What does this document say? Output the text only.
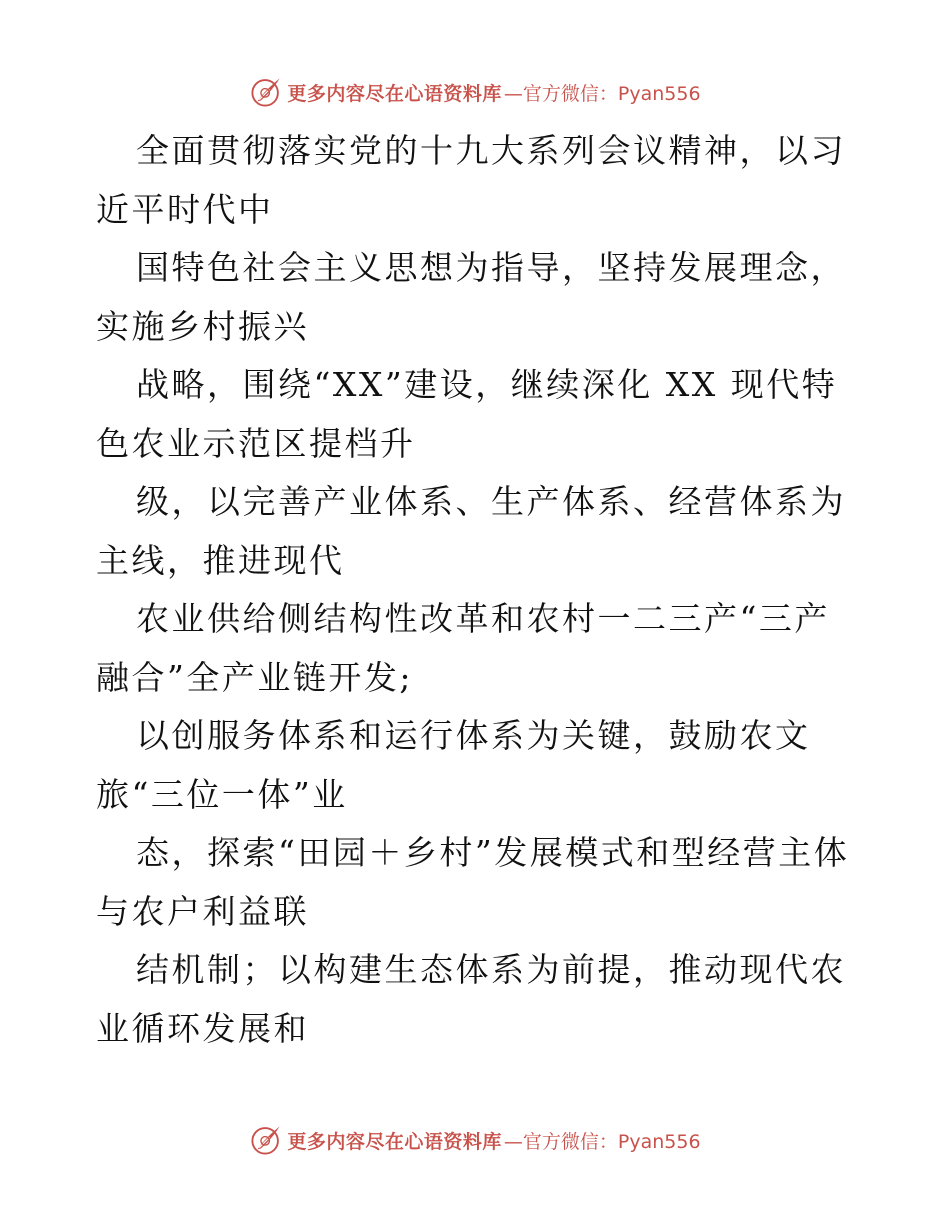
更多内容尽在心语资料库 —官方微信：Pyan556

全面贯彻落实党的十九大系列会议精神，以习近平时代中

国特色社会主义思想为指导，坚持发展理念，实施乡村振兴

战略，围绕“XX”建设，继续深化 XX 现代特色农业示范区提档升

级，以完善产业体系、生产体系、经营体系为主线，推进现代

农业供给侧结构性改革和农村一二三产“三产融合”全产业链开发;

以创服务体系和运行体系为关键，鼓励农文
旅“三位一体”业

态，探索“田园＋乡村”发展模式和型经营主体与农户利益联

结机制；以构建生态体系为前提，推动现代农业循环发展和

更多内容尽在心语资料库 —官方微信：Pyan556
